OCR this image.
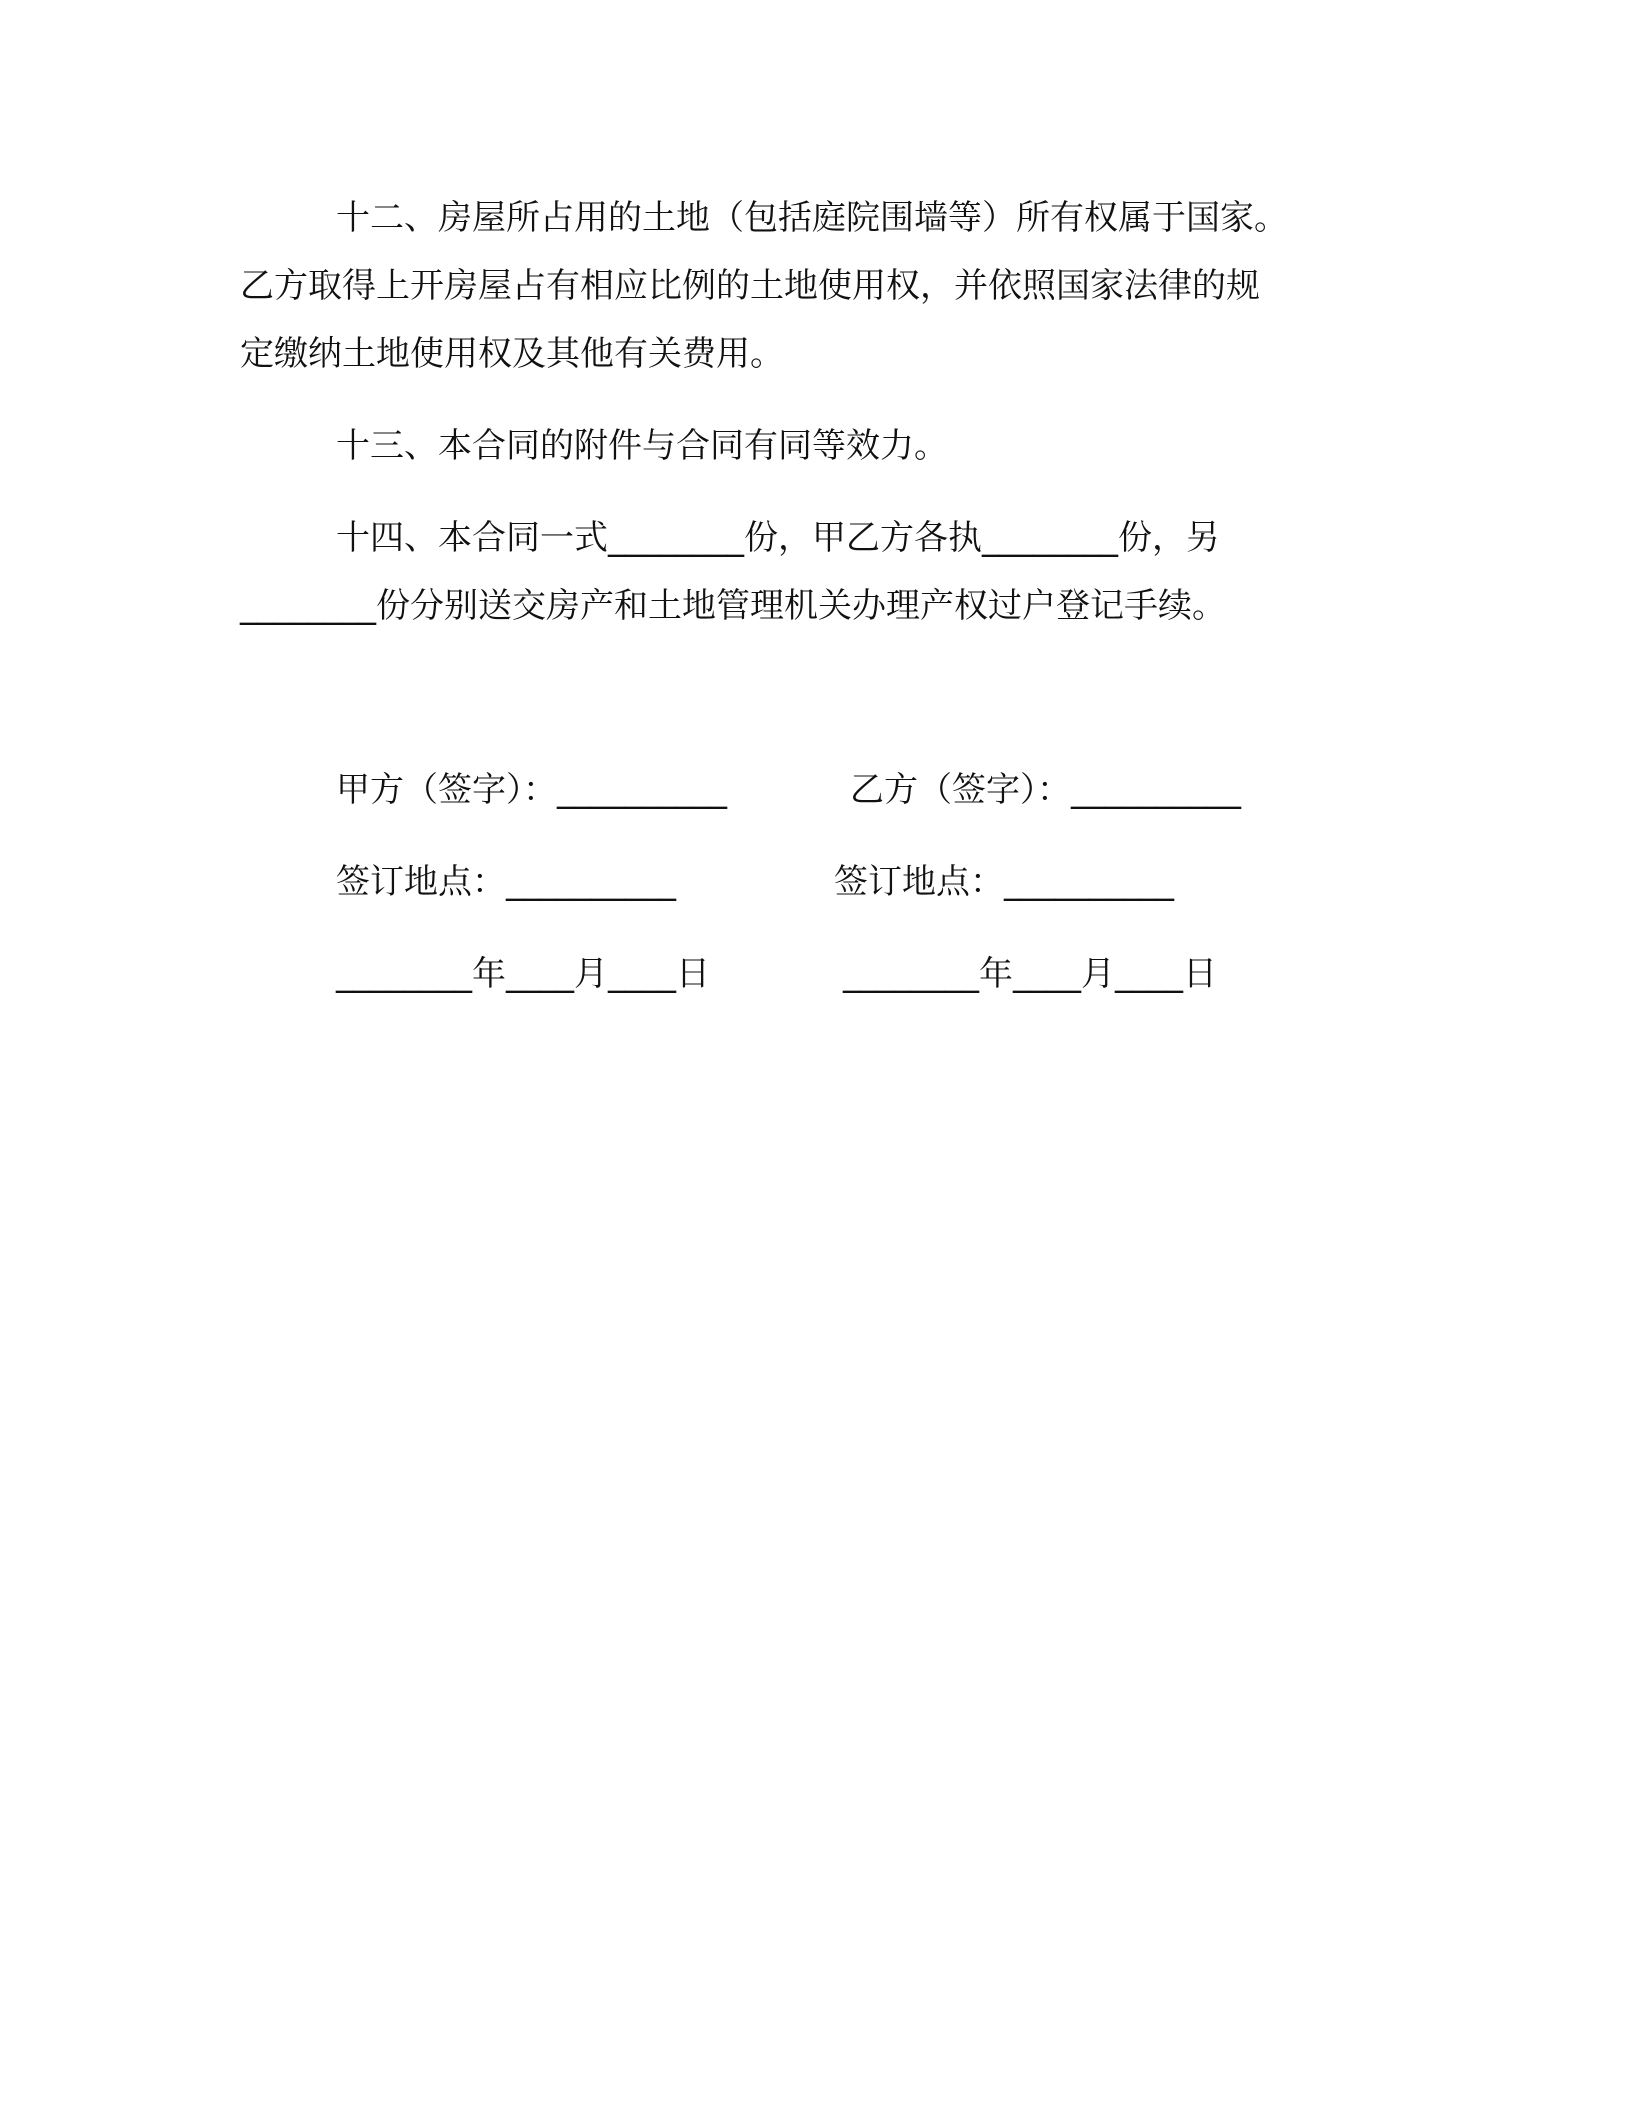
十二、房屋所占用的土地（包括庭院围墙等）所有权属于国家。
乙方取得上开房屋占有相应比例的土地使用权，并依照国家法律的规
定缴纳土地使用权及其他有关费用。

十三、本合同的附件与合同有同等效力。

十四、本合同一式________份，甲乙方各执________份，另
________份分别送交房产和土地管理机关办理产权过户登记手续。

甲方（签字）：__________	乙方（签字）：__________
签订地点：__________	签订地点：__________
________年____月____日	________年____月____日
